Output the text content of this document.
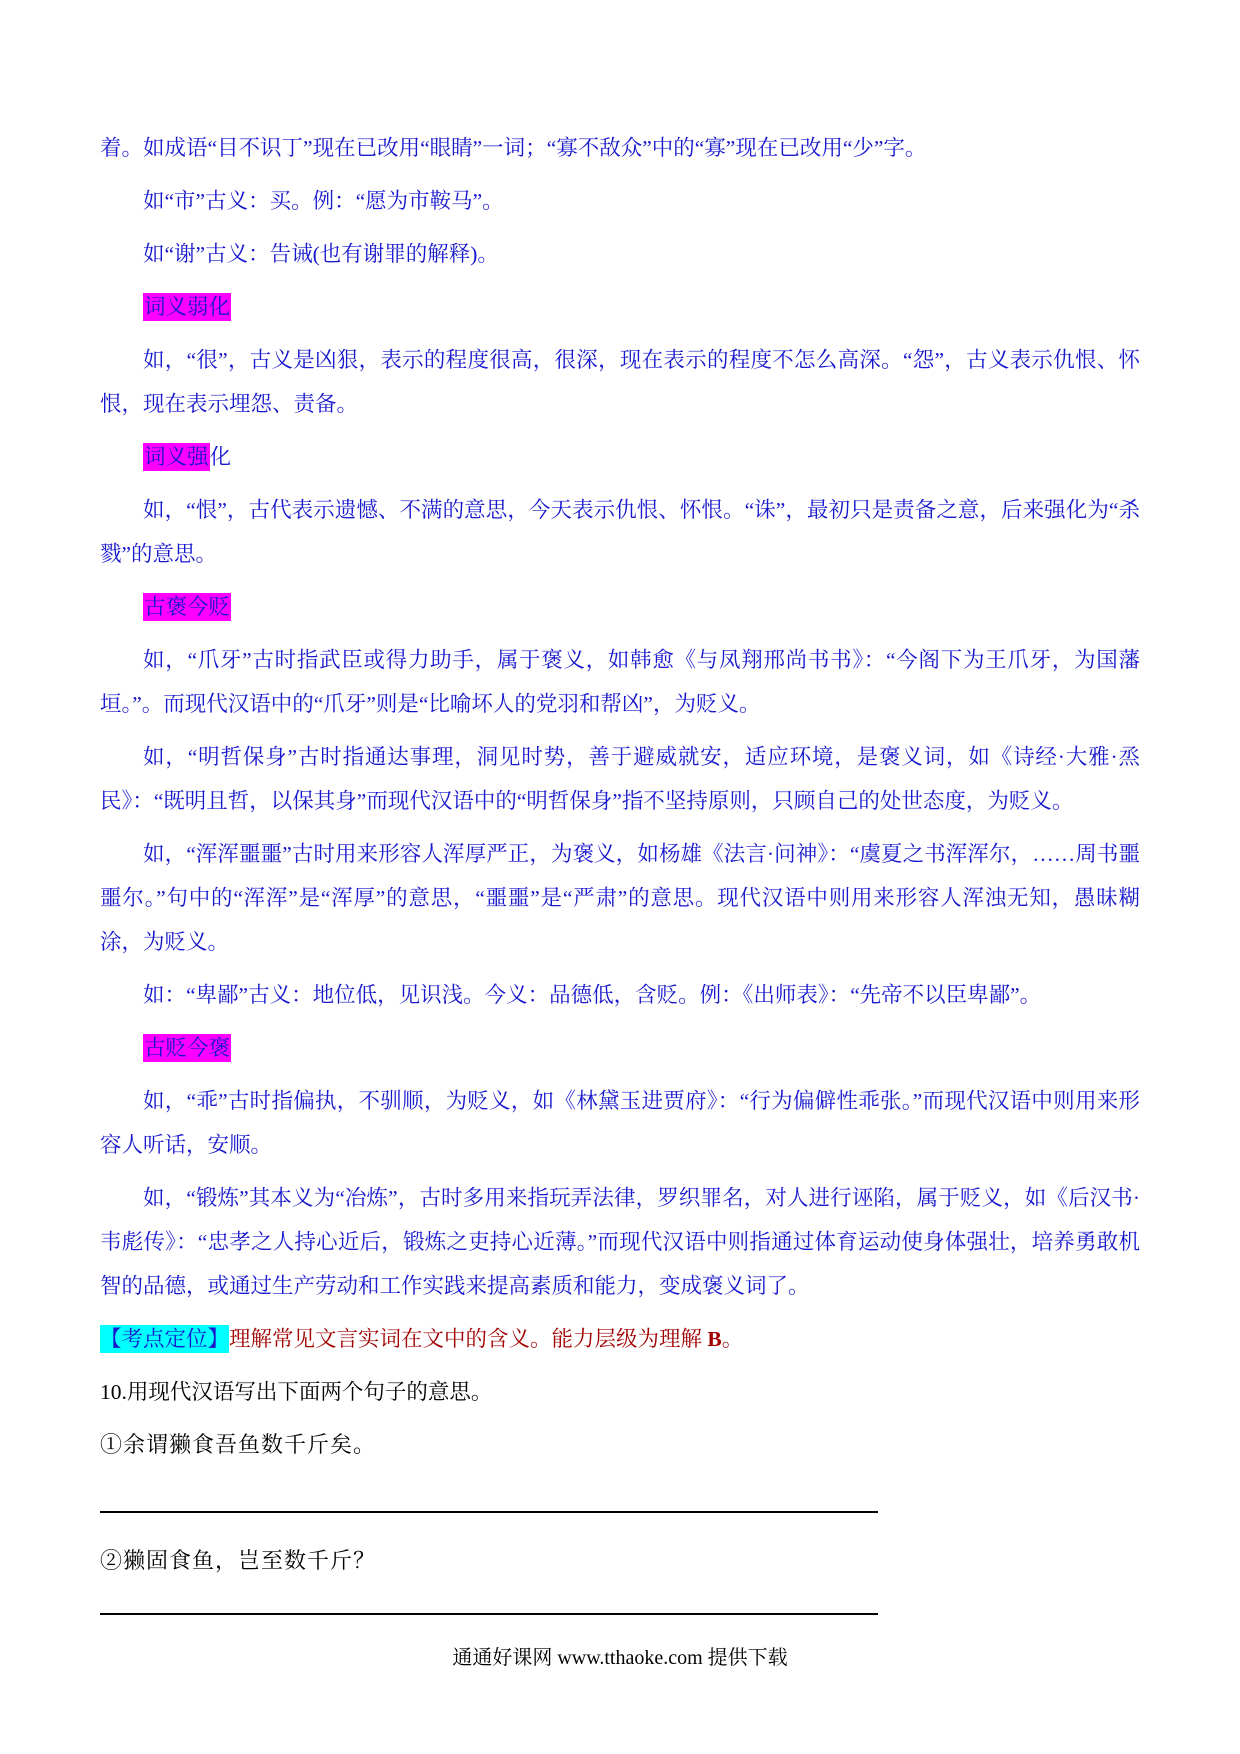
着。如成语“目不识丁”现在已改用“眼睛”一词；“寡不敌众”中的“寡”现在已改用“少”字。

如“市”古义：买。例：“愿为市鞍马”。

如“谢”古义：告诫(也有谢罪的解释)。

词义弱化

如，“很”，古义是凶狠，表示的程度很高，很深，现在表示的程度不怎么高深。“怨”，古义表示仇恨、怀恨，现在表示埋怨、责备。

词义强化

如，“恨”，古代表示遗憾、不满的意思，今天表示仇恨、怀恨。“诛”，最初只是责备之意，后来强化为“杀戮”的意思。

古褒今贬

如，“爪牙”古时指武臣或得力助手，属于褒义，如韩愈《与凤翔邢尚书书》：“今阁下为王爪牙，为国藩垣。”。而现代汉语中的“爪牙”则是“比喻坏人的党羽和帮凶”，为贬义。

如，“明哲保身”古时指通达事理，洞见时势，善于避威就安，适应环境，是褒义词，如《诗经·大雅·烝民》：“既明且哲，以保其身”而现代汉语中的“明哲保身”指不坚持原则，只顾自己的处世态度，为贬义。

如，“浑浑噩噩”古时用来形容人浑厚严正，为褒义，如杨雄《法言·问神》：“虞夏之书浑浑尔，……周书噩噩尔。”句中的“浑浑”是“浑厚”的意思，“噩噩”是“严肃”的意思。现代汉语中则用来形容人浑浊无知，愚昧糊涂，为贬义。

如：“卑鄙”古义：地位低，见识浅。今义：品德低，含贬。例：《出师表》：“先帝不以臣卑鄙”。

古贬今褒

如，“乖”古时指偏执，不驯顺，为贬义，如《林黛玉进贾府》：“行为偏僻性乖张。”而现代汉语中则用来形容人听话，安顺。

如，“锻炼”其本义为“冶炼”，古时多用来指玩弄法律，罗织罪名，对人进行诬陷，属于贬义，如《后汉书·韦彪传》：“忠孝之人持心近后，锻炼之吏持心近薄。”而现代汉语中则指通过体育运动使身体强壮，培养勇敢机智的品德，或通过生产劳动和工作实践来提高素质和能力，变成褒义词了。

【考点定位】理解常见文言实词在文中的含义。能力层级为理解 B。

10.用现代汉语写出下面两个句子的意思。

①余谓獭食吾鱼数千斤矣。

②獭固食鱼，岂至数千斤？

通通好课网 www.tthaoke.com 提供下载
